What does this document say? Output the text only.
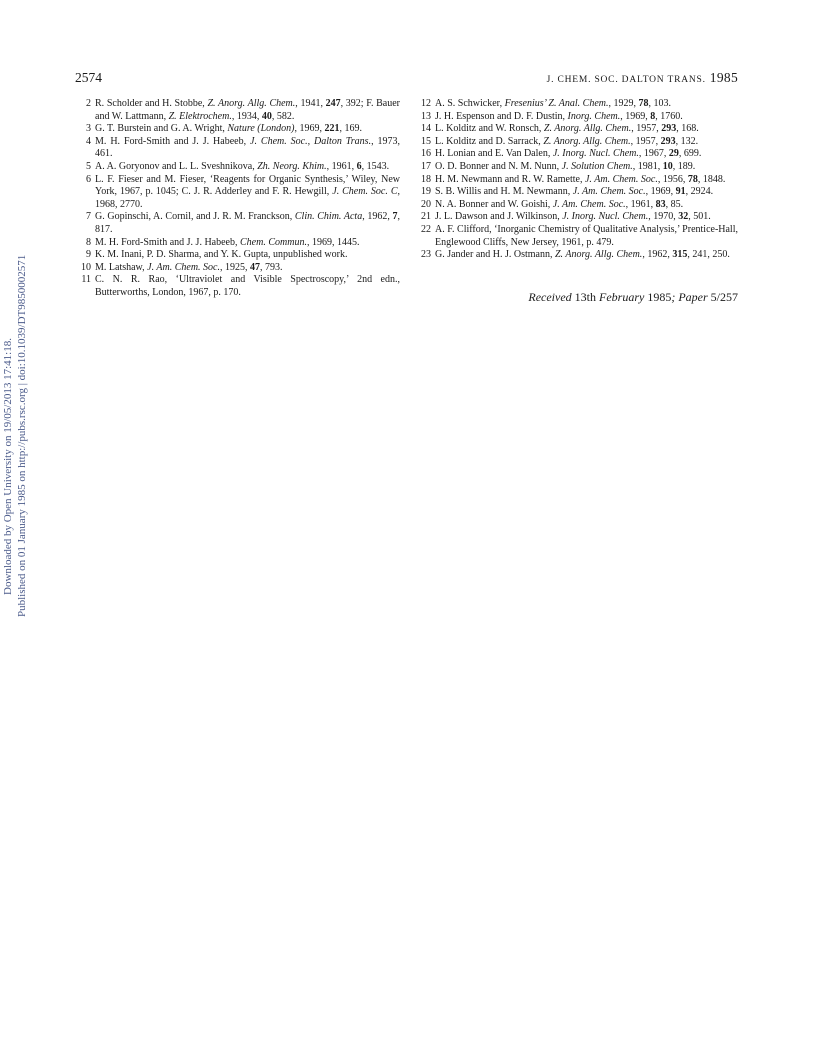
2574	J. CHEM. SOC. DALTON TRANS. 1985
Downloaded by Open University on 19/05/2013 17:41:18. Published on 01 January 1985 on http://pubs.rsc.org | doi:10.1039/DT9850002571
2 R. Scholder and H. Stobbe, Z. Anorg. Allg. Chem., 1941, 247, 392; F. Bauer and W. Lattmann, Z. Elektrochem., 1934, 40, 582.
3 G. T. Burstein and G. A. Wright, Nature (London), 1969, 221, 169.
4 M. H. Ford-Smith and J. J. Habeeb, J. Chem. Soc., Dalton Trans., 1973, 461.
5 A. A. Goryonov and L. L. Sveshnikova, Zh. Neorg. Khim., 1961, 6, 1543.
6 L. F. Fieser and M. Fieser, ‘Reagents for Organic Synthesis,’ Wiley, New York, 1967, p. 1045; C. J. R. Adderley and F. R. Hewgill, J. Chem. Soc. C, 1968, 2770.
7 G. Gopinschi, A. Cornil, and J. R. M. Franckson, Clin. Chim. Acta, 1962, 7, 817.
8 M. H. Ford-Smith and J. J. Habeeb, Chem. Commun., 1969, 1445.
9 K. M. Inani, P. D. Sharma, and Y. K. Gupta, unpublished work.
10 M. Latshaw, J. Am. Chem. Soc., 1925, 47, 793.
11 C. N. R. Rao, ‘Ultraviolet and Visible Spectroscopy,’ 2nd edn., Butterworths, London, 1967, p. 170.
12 A. S. Schwicker, Fresenius’ Z. Anal. Chem., 1929, 78, 103.
13 J. H. Espenson and D. F. Dustin, Inorg. Chem., 1969, 8, 1760.
14 L. Kolditz and W. Ronsch, Z. Anorg. Allg. Chem., 1957, 293, 168.
15 L. Kolditz and D. Sarrack, Z. Anorg. Allg. Chem., 1957, 293, 132.
16 H. Lonian and E. Van Dalen, J. Inorg. Nucl. Chem., 1967, 29, 699.
17 O. D. Bonner and N. M. Nunn, J. Solution Chem., 1981, 10, 189.
18 H. M. Newmann and R. W. Ramette, J. Am. Chem. Soc., 1956, 78, 1848.
19 S. B. Willis and H. M. Newmann, J. Am. Chem. Soc., 1969, 91, 2924.
20 N. A. Bonner and W. Goishi, J. Am. Chem. Soc., 1961, 83, 85.
21 J. L. Dawson and J. Wilkinson, J. Inorg. Nucl. Chem., 1970, 32, 501.
22 A. F. Clifford, ‘Inorganic Chemistry of Qualitative Analysis,’ Prentice-Hall, Englewood Cliffs, New Jersey, 1961, p. 479.
23 G. Jander and H. J. Ostmann, Z. Anorg. Allg. Chem., 1962, 315, 241, 250.
Received 13th February 1985; Paper 5/257
